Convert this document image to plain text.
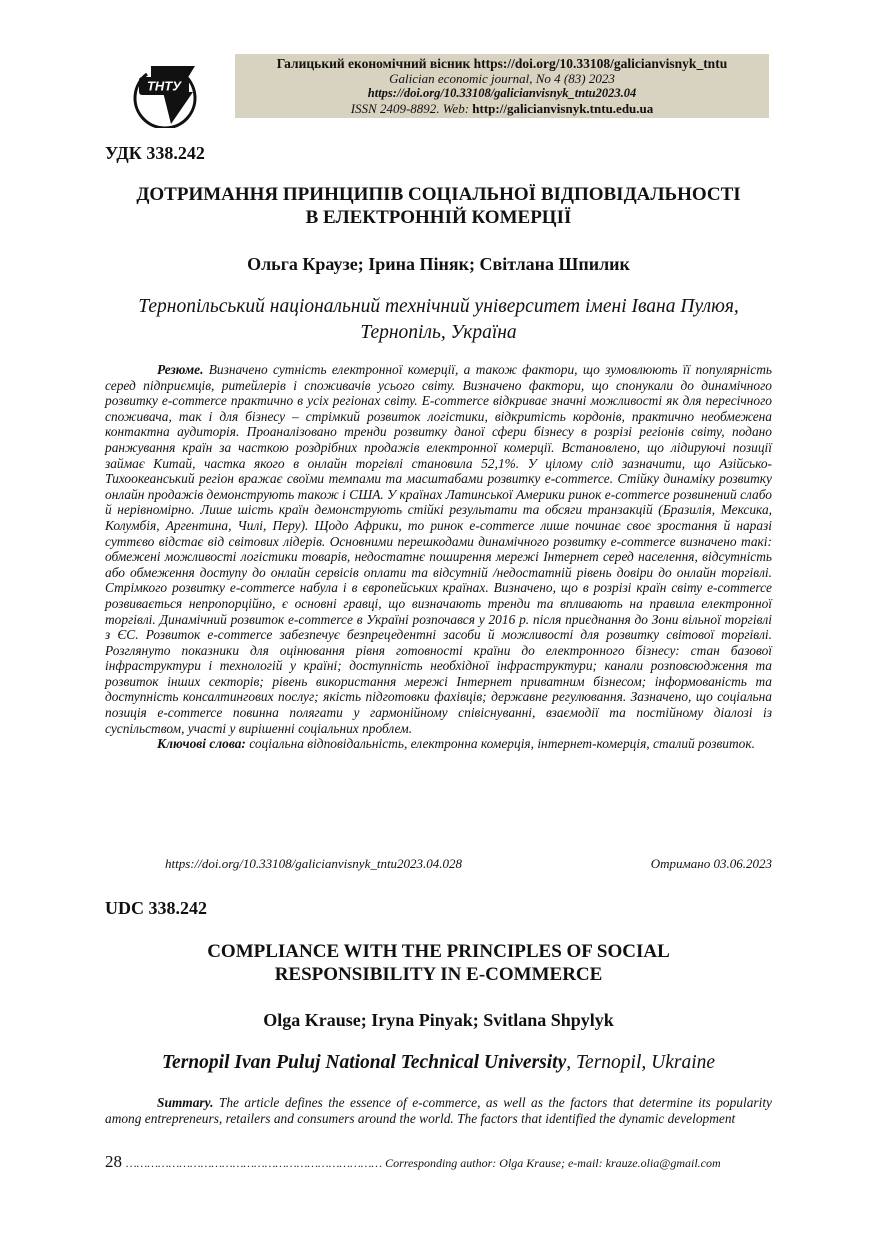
ТНТУ
Галицький економічний вісник https://doi.org/10.33108/galicianvisnyk_tntu
Galician economic journal, No 4 (83) 2023
https://doi.org/10.33108/galicianvisnyk_tntu2023.04
ISSN 2409-8892. Web: http://galicianvisnyk.tntu.edu.ua
УДК 338.242
ДОТРИМАННЯ ПРИНЦИПІВ СОЦІАЛЬНОЇ ВІДПОВІДАЛЬНОСТІ
В ЕЛЕКТРОННІЙ КОМЕРЦІЇ
Ольга Краузе; Ірина Піняк; Світлана Шпилик
Тернопільський національний технічний університет імені Івана Пулюя,
Тернопіль, Україна

Резюме. Визначено сутність електронної комерції, а також фактори, що зумовлюють її популярність серед підприємців, ритейлерів і споживачів усього світу. Визначено фактори, що спонукали до динамічного розвитку e-commerce практично в усіх регіонах світу. E-commerce відкриває значні можливості як для пересічного споживача, так і для бізнесу – стрімкий розвиток логістики, відкритість кордонів, практично необмежена контактна аудиторія. Проаналізовано тренди розвитку даної сфери бізнесу в розрізі регіонів світу, подано ранжування країн за часткою роздрібних продажів електронної комерції. Встановлено, що лідируючі позиції займає Китай, частка якого в онлайн торгівлі становила 52,1%. У цілому слід зазначити, що Азійсько-Тихоокеанський регіон вражає своїми темпами та масштабами розвитку e-commerce. Стійку динаміку розвитку онлайн продажів демонструють також і США. У країнах Латинської Америки ринок e-commerce розвинений слабо й нерівномірно. Лише шість країн демонструють стійкі результати та обсяги транзакцій (Бразилія, Мексика, Колумбія, Аргентина, Чилі, Перу). Щодо Африки, то ринок e-commerce лише починає своє зростання й наразі суттєво відстає від світових лідерів. Основними перешкодами динамічного розвитку e-commerce визначено такі: обмежені можливості логістики товарів, недостатнє поширення мережі Інтернет серед населення, відсутність або обмеження доступу до онлайн сервісів оплати та відсутній /недостатній рівень довіри до онлайн торгівлі. Стрімкого розвитку e-commerce набула і в європейських країнах. Визначено, що в розрізі країн світу e-commerce розвивається непропорційно, є основні гравці, що визначають тренди та впливають на правила електронної торгівлі. Динамічний розвиток e-commerce в Україні розпочався у 2016 р. після приєднання до Зони вільної торгівлі з ЄС. Розвиток e-commerce забезпечує безпрецедентні засоби й можливості для розвитку світової торгівлі. Розглянуто показники для оцінювання рівня готовності країни до електронного бізнесу: стан базової інфраструктури і технологій у країні; доступність необхідної інфраструктури; канали розповсюдження та розвиток інших секторів; рівень використання мережі Інтернет приватним бізнесом; інформованість та доступність консалтингових послуг; якість підготовки фахівців; державне регулювання. Зазначено, що соціальна позиція e-commerce повинна полягати у гармонійному співіснуванні, взаємодії та постійному діалозі із суспільством, участі у вирішенні соціальних проблем.

Ключові слова: соціальна відповідальність, електронна комерція, інтернет-комерція, сталий розвиток.

https://doi.org/10.33108/galicianvisnyk_tntu2023.04.028	Отримано 03.06.2023
UDC 338.242
COMPLIANCE WITH THE PRINCIPLES OF SOCIAL
RESPONSIBILITY IN E-COMMERCE
Olga Krause; Iryna Pinyak; Svitlana Shpylyk
Ternopil Ivan Puluj National Technical University, Ternopil, Ukraine

Summary. The article defines the essence of e-commerce, as well as the factors that determine its popularity among entrepreneurs, retailers and consumers around the world. The factors that identified the dynamic development

28 ……………………………………………………………… Corresponding author: Olga Krause; e-mail: krauze.olia@gmail.com
